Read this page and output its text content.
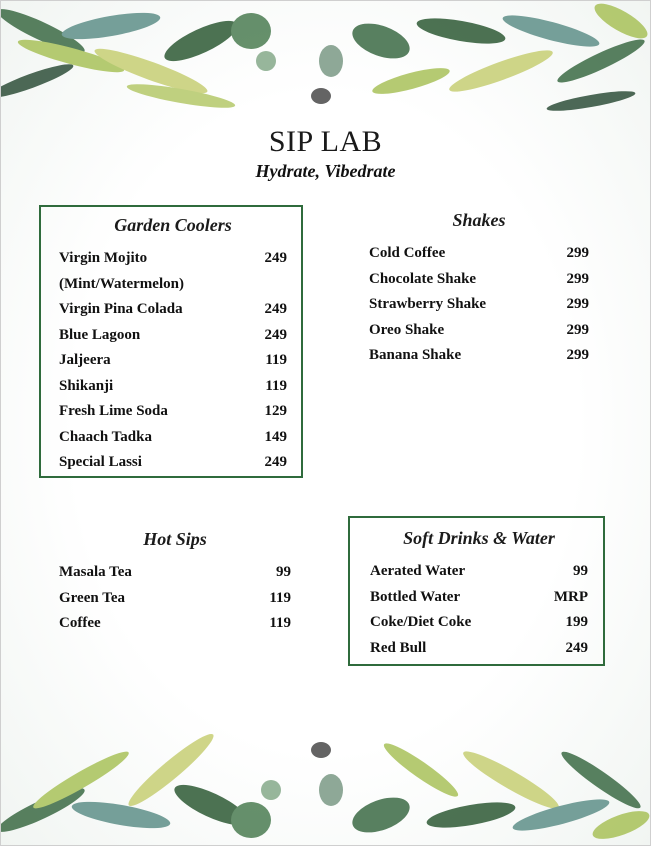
SIP LAB
Hydrate, Vibedrate
Garden Coolers
Virgin Mojito	249
(Mint/Watermelon)
Virgin Pina Colada	249
Blue Lagoon	249
Jaljeera	119
Shikanji	119
Fresh Lime Soda	129
Chaach Tadka	149
Special Lassi	249
Shakes
Cold Coffee	299
Chocolate Shake	299
Strawberry Shake	299
Oreo Shake	299
Banana Shake	299
Hot Sips
Masala Tea	99
Green Tea	119
Coffee	119
Soft Drinks & Water
Aerated Water	99
Bottled Water	MRP
Coke/Diet Coke	199
Red Bull	249
